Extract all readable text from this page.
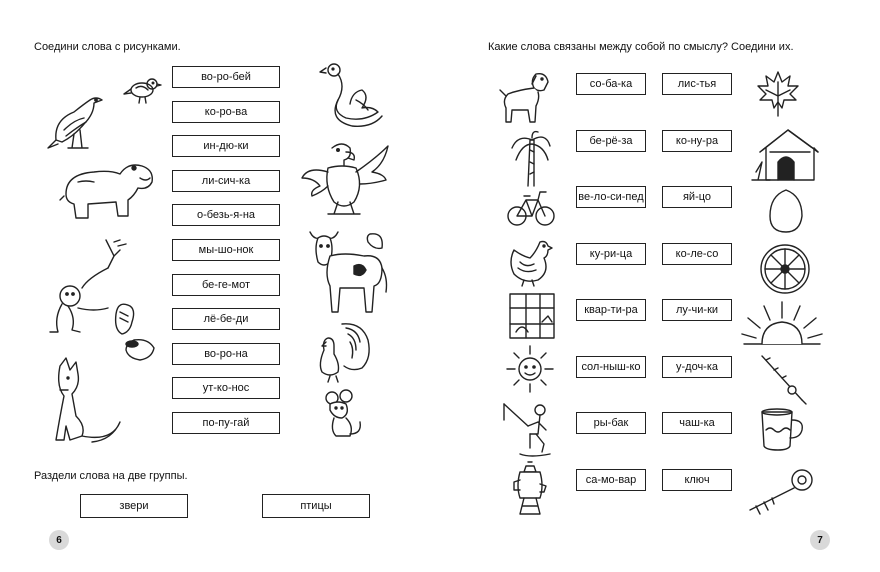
Соедини слова с рисунками.
во-ро-бей
ко-ро-ва
ин-дю-ки
ли-сич-ка
о-безь-я-на
мы-шо-нок
бе-ге-мот
лё-бе-ди
во-ро-на
ут-ко-нос
по-пу-гай
Раздели слова на две группы.
звери	птицы
6
Какие слова связаны между собой по смыслу? Соедини их.
со-ба-ка
бе-рё-за
ве-ло-си-пед
ку-ри-ца
квар-ти-ра
сол-ныш-ко
ры-бак
са-мо-вар
лис-тья
ко-ну-ра
яй-цо
ко-ле-со
лу-чи-ки
у-доч-ка
чаш-ка
ключ
7
